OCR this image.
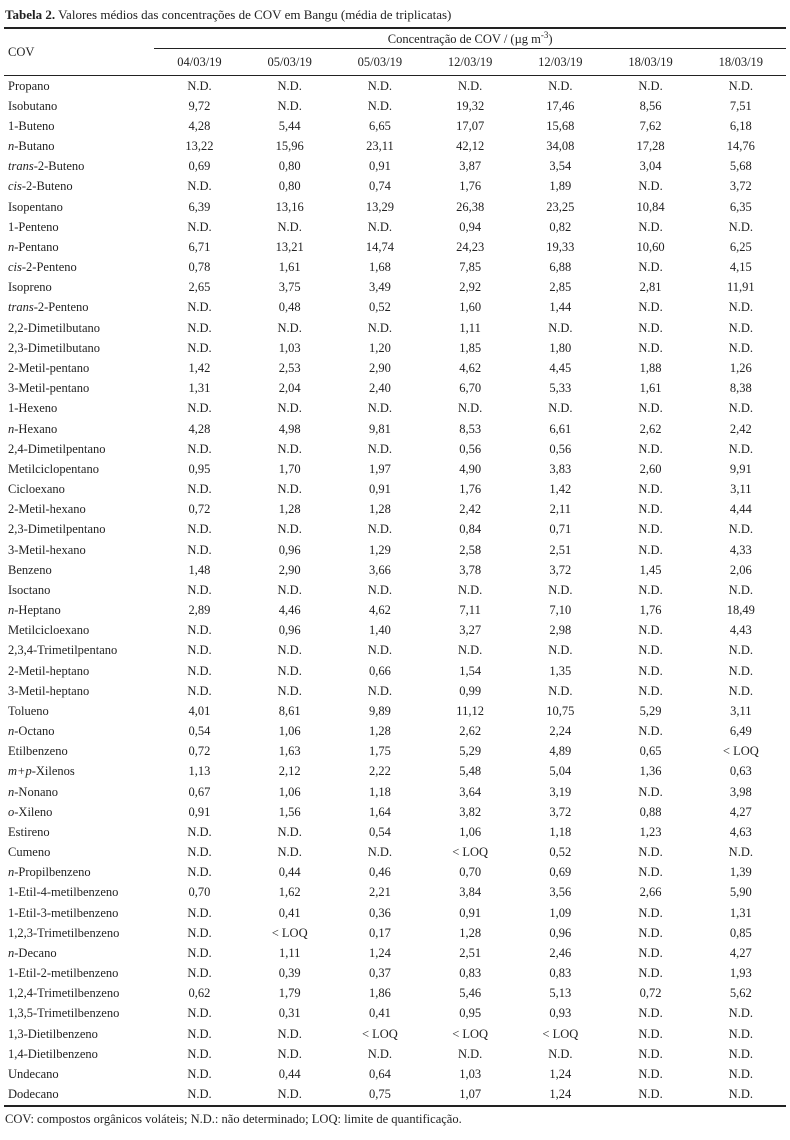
Tabela 2. Valores médios das concentrações de COV em Bangu (média de triplicatas)
COV	Concentração de COV / (µg $m^{-3}$)						
	04/03/19	05/03/19	05/03/19	12/03/19	12/03/19	18/03/19	18/03/19
Propano	N.D.	N.D.	N.D.	N.D.	N.D.	N.D.	N.D.
Isobutano	9,72	N.D.	N.D.	19,32	17,46	8,56	7,51
1-Buteno	4,28	5,44	6,65	17,07	15,68	7,62	6,18
n-Butano	13,22	15,96	23,11	42,12	34,08	17,28	14,76
trans-2-Buteno	0,69	0,80	0,91	3,87	3,54	3,04	5,68
cis-2-Buteno	N.D.	0,80	0,74	1,76	1,89	N.D.	3,72
Isopentano	6,39	13,16	13,29	26,38	23,25	10,84	6,35
1-Penteno	N.D.	N.D.	N.D.	0,94	0,82	N.D.	N.D.
n-Pentano	6,71	13,21	14,74	24,23	19,33	10,60	6,25
cis-2-Penteno	0,78	1,61	1,68	7,85	6,88	N.D.	4,15
Isopreno	2,65	3,75	3,49	2,92	2,85	2,81	11,91
trans-2-Penteno	N.D.	0,48	0,52	1,60	1,44	N.D.	N.D.
2,2-Dimetilbutano	N.D.	N.D.	N.D.	1,11	N.D.	N.D.	N.D.
2,3-Dimetilbutano	N.D.	1,03	1,20	1,85	1,80	N.D.	N.D.
2-Metil-pentano	1,42	2,53	2,90	4,62	4,45	1,88	1,26
3-Metil-pentano	1,31	2,04	2,40	6,70	5,33	1,61	8,38
1-Hexeno	N.D.	N.D.	N.D.	N.D.	N.D.	N.D.	N.D.
n-Hexano	4,28	4,98	9,81	8,53	6,61	2,62	2,42
2,4-Dimetilpentano	N.D.	N.D.	N.D.	0,56	0,56	N.D.	N.D.
Metilciclopentano	0,95	1,70	1,97	4,90	3,83	2,60	9,91
Cicloexano	N.D.	N.D.	0,91	1,76	1,42	N.D.	3,11
2-Metil-hexano	0,72	1,28	1,28	2,42	2,11	N.D.	4,44
2,3-Dimetilpentano	N.D.	N.D.	N.D.	0,84	0,71	N.D.	N.D.
3-Metil-hexano	N.D.	0,96	1,29	2,58	2,51	N.D.	4,33
Benzeno	1,48	2,90	3,66	3,78	3,72	1,45	2,06
Isoctano	N.D.	N.D.	N.D.	N.D.	N.D.	N.D.	N.D.
n-Heptano	2,89	4,46	4,62	7,11	7,10	1,76	18,49
Metilcicloexano	N.D.	0,96	1,40	3,27	2,98	N.D.	4,43
2,3,4-Trimetilpentano	N.D.	N.D.	N.D.	N.D.	N.D.	N.D.	N.D.
2-Metil-heptano	N.D.	N.D.	0,66	1,54	1,35	N.D.	N.D.
3-Metil-heptano	N.D.	N.D.	N.D.	0,99	N.D.	N.D.	N.D.
Tolueno	4,01	8,61	9,89	11,12	10,75	5,29	3,11
n-Octano	0,54	1,06	1,28	2,62	2,24	N.D.	6,49
Etilbenzeno	0,72	1,63	1,75	5,29	4,89	0,65	< LOQ
m+p-Xilenos	1,13	2,12	2,22	5,48	5,04	1,36	0,63
n-Nonano	0,67	1,06	1,18	3,64	3,19	N.D.	3,98
o-Xileno	0,91	1,56	1,64	3,82	3,72	0,88	4,27
Estireno	N.D.	N.D.	0,54	1,06	1,18	1,23	4,63
Cumeno	N.D.	N.D.	N.D.	< LOQ	0,52	N.D.	N.D.
n-Propilbenzeno	N.D.	0,44	0,46	0,70	0,69	N.D.	1,39
1-Etil-4-metilbenzeno	0,70	1,62	2,21	3,84	3,56	2,66	5,90
1-Etil-3-metilbenzeno	N.D.	0,41	0,36	0,91	1,09	N.D.	1,31
1,2,3-Trimetilbenzeno	N.D.	< LOQ	0,17	1,28	0,96	N.D.	0,85
n-Decano	N.D.	1,11	1,24	2,51	2,46	N.D.	4,27
1-Etil-2-metilbenzeno	N.D.	0,39	0,37	0,83	0,83	N.D.	1,93
1,2,4-Trimetilbenzeno	0,62	1,79	1,86	5,46	5,13	0,72	5,62
1,3,5-Trimetilbenzeno	N.D.	0,31	0,41	0,95	0,93	N.D.	N.D.
1,3-Dietilbenzeno	N.D.	N.D.	< LOQ	< LOQ	< LOQ	N.D.	N.D.
1,4-Dietilbenzeno	N.D.	N.D.	N.D.	N.D.	N.D.	N.D.	N.D.
Undecano	N.D.	0,44	0,64	1,03	1,24	N.D.	N.D.
Dodecano	N.D.	N.D.	0,75	1,07	1,24	N.D.	N.D.
COV: compostos orgânicos voláteis; N.D.: não determinado; LOQ: limite de quantificação.
